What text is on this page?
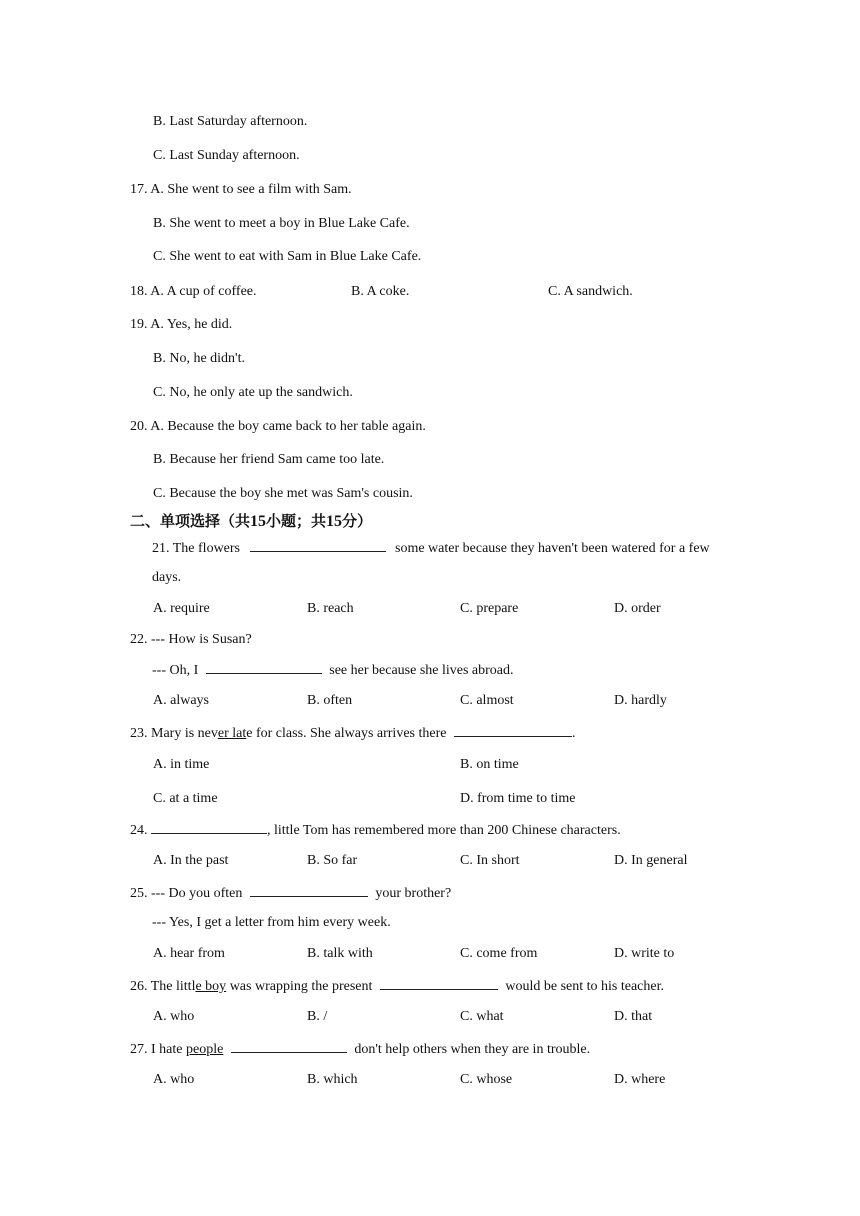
B. Last Saturday afternoon.
C. Last Sunday afternoon.
17. A. She went to see a film with Sam.
B. She went to meet a boy in Blue Lake Cafe.
C. She went to eat with Sam in Blue Lake Cafe.
18. A. A cup of coffee.	B. A coke.	C. A sandwich.
19. A. Yes, he did.
B. No, he didn't.
C. No, he only ate up the sandwich.
20. A. Because the boy came back to her table again.
B. Because her friend Sam came too late.
C. Because the boy she met was Sam's cousin.
二、单项选择（共15小题；共15分）
21. The flowers	some water because they haven't been watered for a few
days.
A. require	B. reach	C. prepare	D. order
22. --- How is Susan?
--- Oh, I	see her because she lives abroad.
A. always	B. often	C. almost	D. hardly
23. Mary is never late for class. She always arrives there	.
A. in time	B. on time
C. at a time	D. from time to time
24.	, little Tom has remembered more than 200 Chinese characters.
A. In the past	B. So far	C. In short	D. In general
25. --- Do you often	your brother?
--- Yes, I get a letter from him every week.
A. hear from	B. talk with	C. come from	D. write to
26. The little boy was wrapping the present	would be sent to his teacher.
A. who	B. /	C. what	D. that
27. I hate people	don't help others when they are in trouble.
A. who	B. which	C. whose	D. where
